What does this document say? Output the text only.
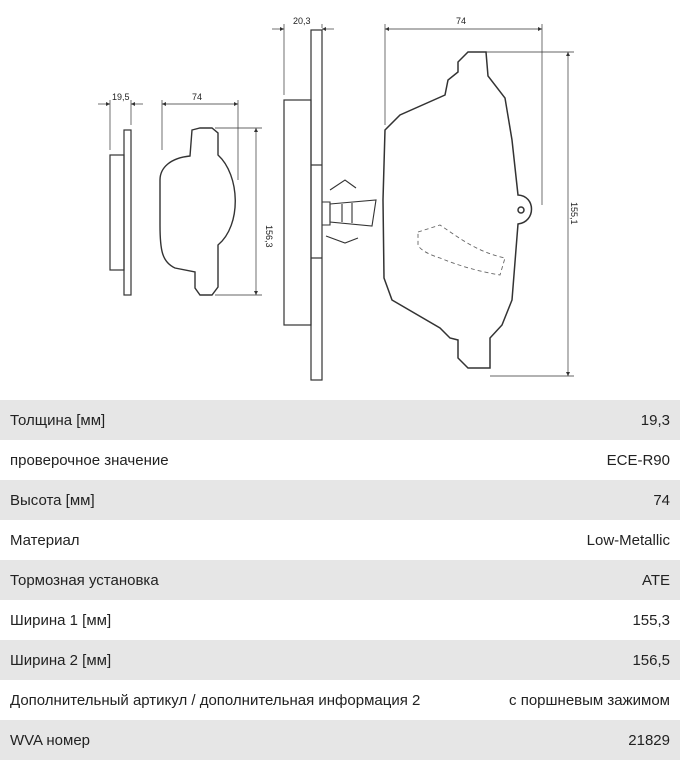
19,5	74
156,3
20,3	74
155,1
Толщина [мм]	19,3
проверочное значение	ECE-R90
Высота [мм]	74
Материал	Low-Metallic
Тормозная установка	ATE
Ширина 1 [мм]	155,3
Ширина 2 [мм]	156,5
Дополнительный артикул / дополнительная информация 2	с поршневым зажимом
WVA номер	21829
